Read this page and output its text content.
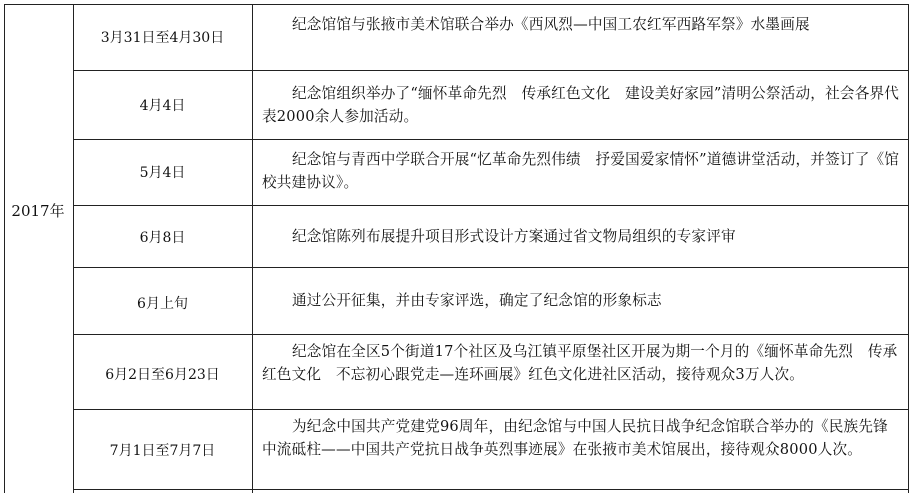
2017年
3月31日至4月30日
纪念馆馆与张掖市美术馆联合举办《西风烈—中国工农红军西路军祭》水墨画展
4月4日
纪念馆组织举办了“缅怀革命先烈　传承红色文化　建设美好家园”清明公祭活动，社会各界代表2000余人参加活动。
5月4日
纪念馆与青西中学联合开展“忆革命先烈伟绩　抒爱国爱家情怀”道德讲堂活动，并签订了《馆校共建协议》。
6月8日	纪念馆陈列布展提升项目形式设计方案通过省文物局组织的专家评审
6月上旬	通过公开征集，并由专家评选，确定了纪念馆的形象标志
6月2日至6月23日
纪念馆在全区5个街道17个社区及乌江镇平原堡社区开展为期一个月的《缅怀革命先烈　传承红色文化　不忘初心跟党走—连环画展》红色文化进社区活动，接待观众3万人次。
7月1日至7月7日
为纪念中国共产党建党96周年，由纪念馆与中国人民抗日战争纪念馆联合举办的《民族先锋　中流砥柱——中国共产党抗日战争英烈事迹展》在张掖市美术馆展出，接待观众8000人次。
